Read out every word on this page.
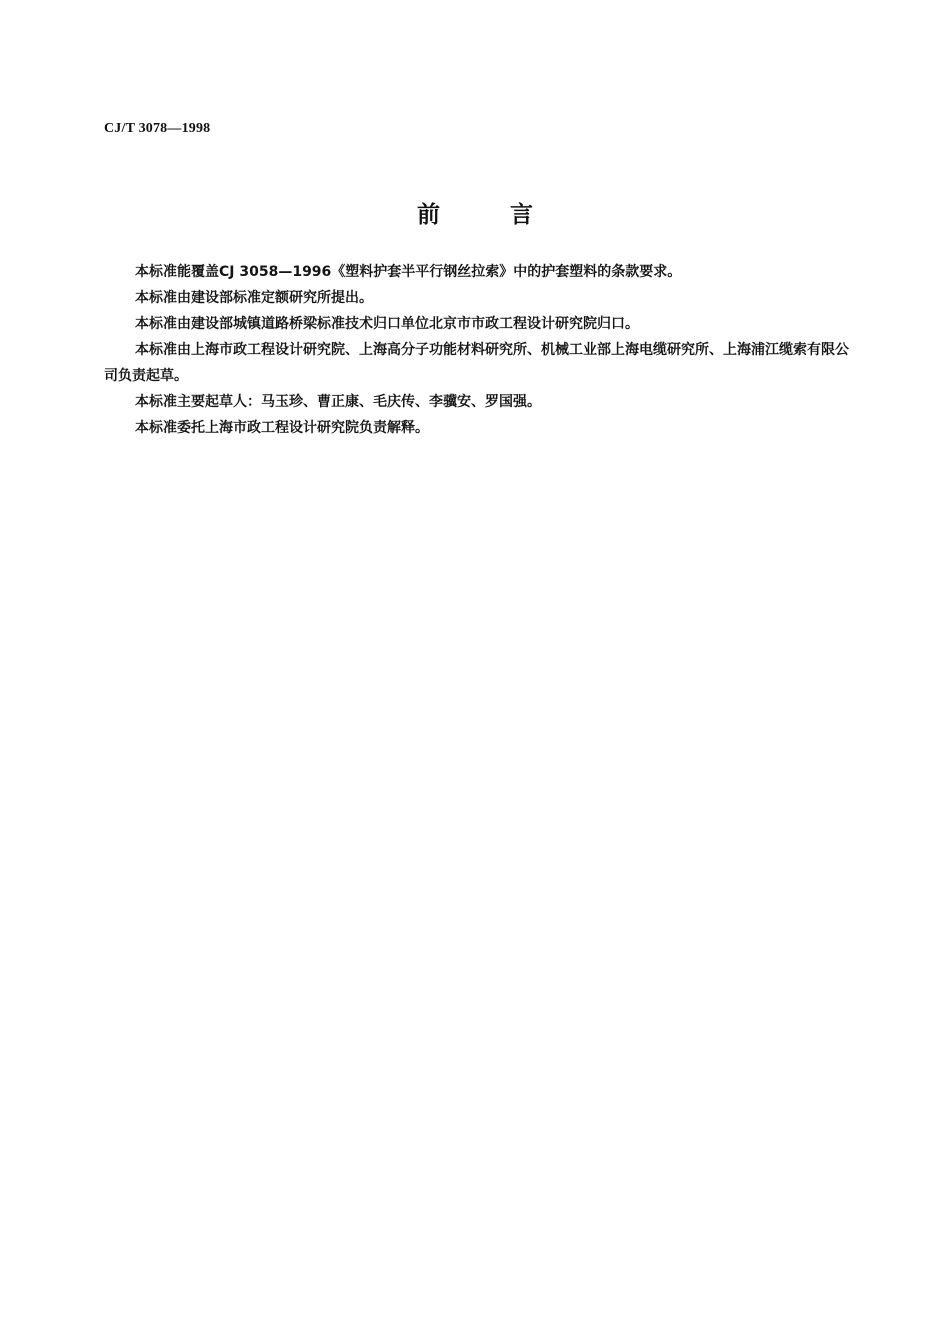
CJ/T 3078—1998
前言

本标准能覆盖CJ 3058—1996《塑料护套半平行钢丝拉索》中的护套塑料的条款要求。

本标准由建设部标准定额研究所提出。

本标准由建设部城镇道路桥梁标准技术归口单位北京市市政工程设计研究院归口。

本标准由上海市政工程设计研究院、上海高分子功能材料研究所、机械工业部上海电缆研究所、上海浦江缆索有限公司负责起草。

本标准主要起草人：马玉珍、曹正康、毛庆传、李骥安、罗国强。

本标准委托上海市政工程设计研究院负责解释。
